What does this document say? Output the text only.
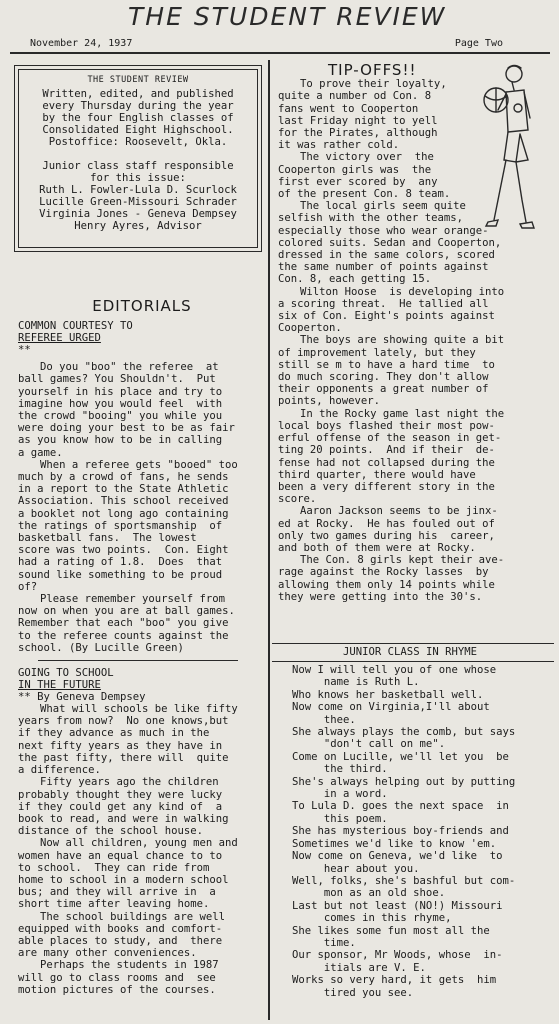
THE STUDENT REVIEW
November 24, 1937	Page Two
THE STUDENT REVIEW
Written, edited, and published
every Thursday during the year
by the four English classes of
Consolidated Eight Highschool.
Postoffice: Roosevelt, Okla.
Junior class staff responsible
for this issue:
Ruth L. Fowler-Lula D. Scurlock
Lucille Green-Missouri Schrader
Virginia Jones - Geneva Dempsey
Henry Ayres, Advisor
EDITORIALS
COMMON COURTESY TO
REFEREE URGED
**
Do you "boo" the referee  at
ball games? You Shouldn't.  Put
yourself in his place and try to
imagine how you would feel  with
the crowd "booing" you while you
were doing your best to be as fair
as you know how to be in calling
a game.
When a referee gets "booed" too
much by a crowd of fans, he sends
in a report to the State Athletic
Association. This school received
a booklet not long ago containing
the ratings of sportsmanship  of
basketball fans.  The lowest
score was two points.  Con. Eight
had a rating of 1.8.  Does  that
sound like something to be proud
of?
Please remember yourself from
now on when you are at ball games.
Remember that each "boo" you give
to the referee counts against the
school. (By Lucille Green)
GOING TO SCHOOL
IN THE FUTURE
** By Geneva Dempsey
What will schools be like fifty
years from now?  No one knows,but
if they advance as much in the
next fifty years as they have in
the past fifty, there will  quite
a difference.
Fifty years ago the children
probably thought they were lucky
if they could get any kind of  a
book to read, and were in walking
distance of the school house.
Now all children, young men and
women have an equal chance to to
to school.  They can ride from
home to school in a modern school
bus; and they will arrive in  a
short time after leaving home.
The school buildings are well
equipped with books and comfort-
able places to study, and  there
are many other conveniences.
Perhaps the students in 1987
will go to class rooms and  see
motion pictures of the courses.
TIP-OFFS!!
To prove their loyalty,
quite a number od Con. 8
fans went to Cooperton
last Friday night to yell
for the Pirates, although
it was rather cold.
The victory over  the
Cooperton girls was  the
first ever scored by  any
of the present Con. 8 team.
The local girls seem quite
selfish with the other teams,
especially those who wear orange-
colored suits. Sedan and Cooperton,
dressed in the same colors, scored
the same number of points against
Con. 8, each getting 15.
Wilton Hoose  is developing into
a scoring threat.  He tallied all
six of Con. Eight's points against
Cooperton.
The boys are showing quite a bit
of improvement lately, but they
still se m to have a hard time  to
do much scoring. They don't allow
their opponents a great number of
points, however.
In the Rocky game last night the
local boys flashed their most pow-
erful offense of the season in get-
ting 20 points.  And if their  de-
fense had not collapsed during the
third quarter, there would have
been a very different story in the
score.
Aaron Jackson seems to be jinx-
ed at Rocky.  He has fouled out of
only two games during his  career,
and both of them were at Rocky.
The Con. 8 girls kept their ave-
rage against the Rocky lasses  by
allowing them only 14 points while
they were getting into the 30's.
JUNIOR CLASS IN RHYME
Now I will tell you of one whose
name is Ruth L.
Who knows her basketball well.
Now come on Virginia,I'll about
thee.
She always plays the comb, but says
"don't call on me".
Come on Lucille, we'll let you  be
the third.
She's always helping out by putting
in a word.
To Lula D. goes the next space  in
this poem.
She has mysterious boy-friends and
Sometimes we'd like to know 'em.
Now come on Geneva, we'd like  to
hear about you.
Well, folks, she's bashful but com-
mon as an old shoe.
Last but not least (NO!) Missouri
comes in this rhyme,
She likes some fun most all the
time.
Our sponsor, Mr Woods, whose  in-
itials are V. E.
Works so very hard, it gets  him
tired you see.
